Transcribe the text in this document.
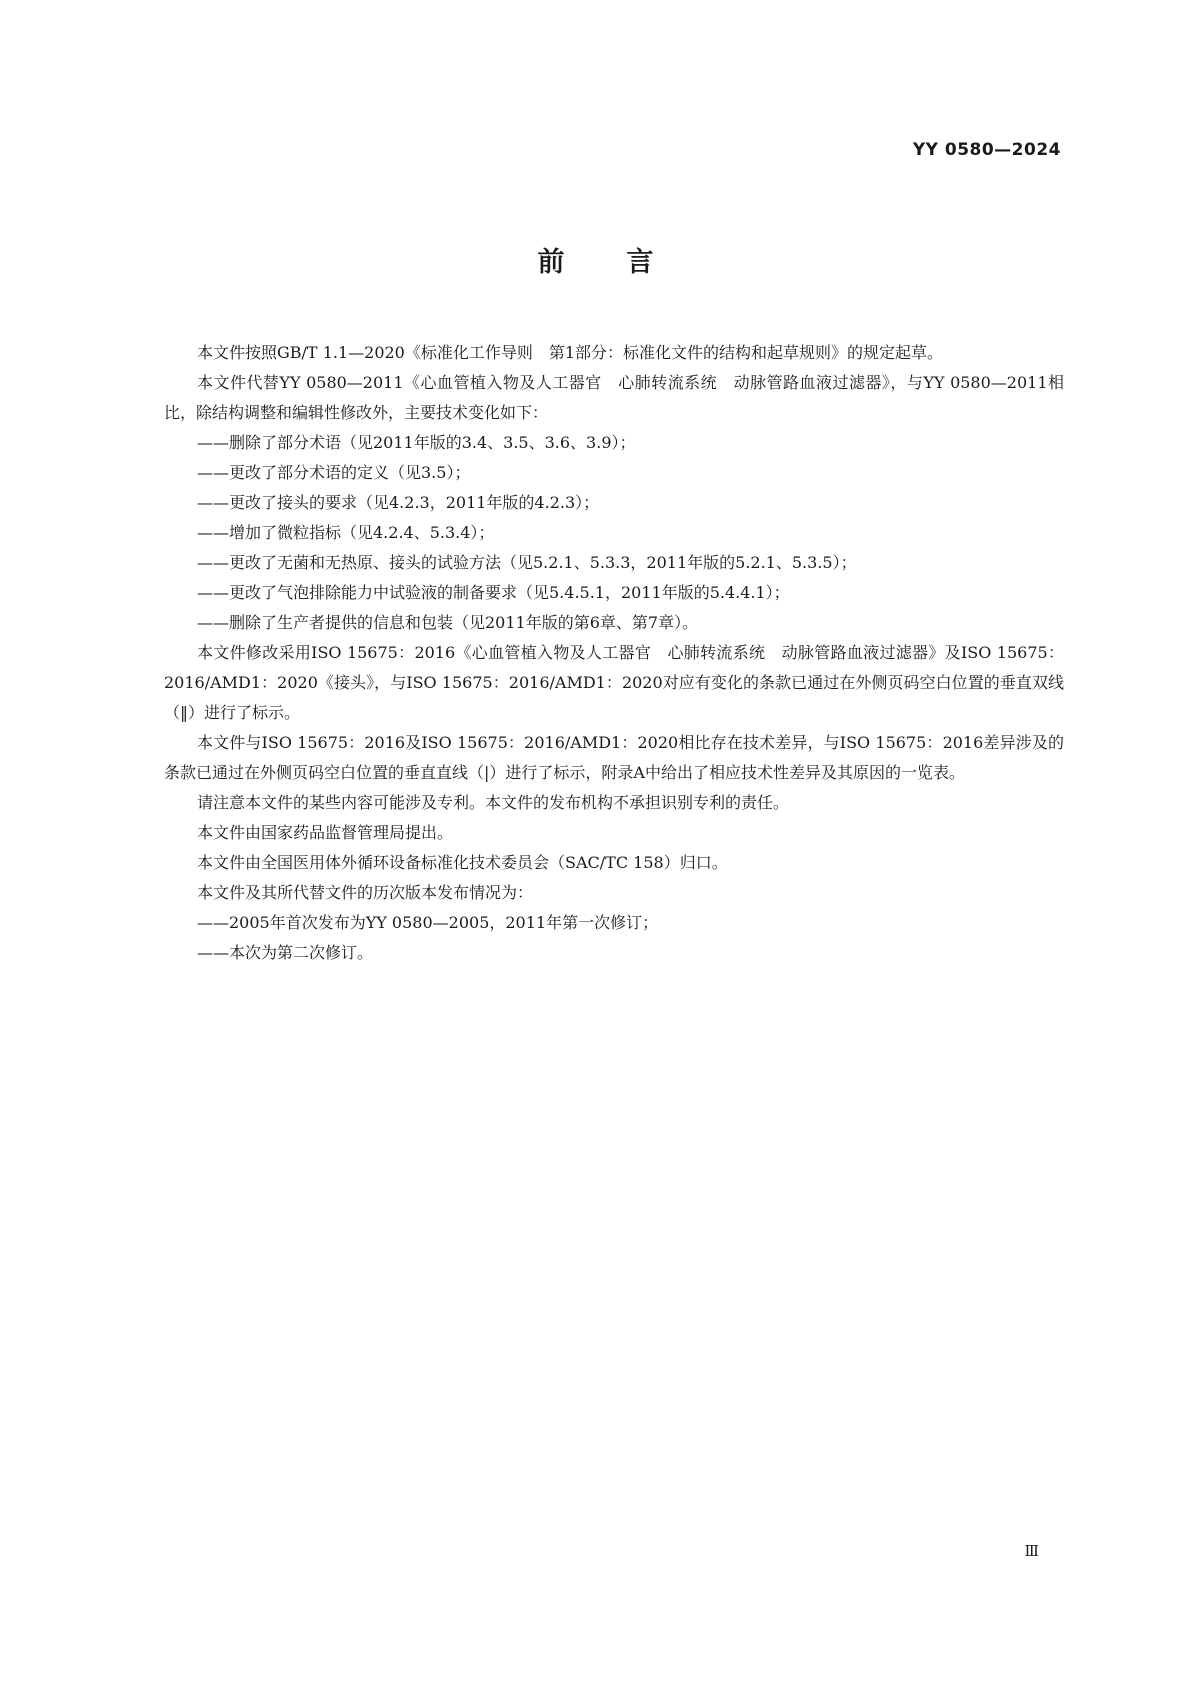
YY 0580—2024
前言

本文件按照GB/T 1.1—2020《标准化工作导则　第1部分：标准化文件的结构和起草规则》的规定起草。

本文件代替YY 0580—2011《心血管植入物及人工器官　心肺转流系统　动脉管路血液过滤器》，与YY 0580—2011相比，除结构调整和编辑性修改外，主要技术变化如下：

——删除了部分术语（见2011年版的3.4、3.5、3.6、3.9）；

——更改了部分术语的定义（见3.5）；

——更改了接头的要求（见4.2.3，2011年版的4.2.3）；

——增加了微粒指标（见4.2.4、5.3.4）；

——更改了无菌和无热原、接头的试验方法（见5.2.1、5.3.3，2011年版的5.2.1、5.3.5）；

——更改了气泡排除能力中试验液的制备要求（见5.4.5.1，2011年版的5.4.4.1）；

——删除了生产者提供的信息和包装（见2011年版的第6章、第7章）。

本文件修改采用ISO 15675：2016《心血管植入物及人工器官　心肺转流系统　动脉管路血液过滤器》及ISO 15675：2016/AMD1：2020《接头》，与ISO 15675：2016/AMD1：2020对应有变化的条款已通过在外侧页码空白位置的垂直双线（‖）进行了标示。

本文件与ISO 15675：2016及ISO 15675：2016/AMD1：2020相比存在技术差异，与ISO 15675：2016差异涉及的条款已通过在外侧页码空白位置的垂直直线（|）进行了标示，附录A中给出了相应技术性差异及其原因的一览表。

请注意本文件的某些内容可能涉及专利。本文件的发布机构不承担识别专利的责任。

本文件由国家药品监督管理局提出。

本文件由全国医用体外循环设备标准化技术委员会（SAC/TC 158）归口。

本文件及其所代替文件的历次版本发布情况为：

——2005年首次发布为YY 0580—2005，2011年第一次修订；

——本次为第二次修订。

Ⅲ
